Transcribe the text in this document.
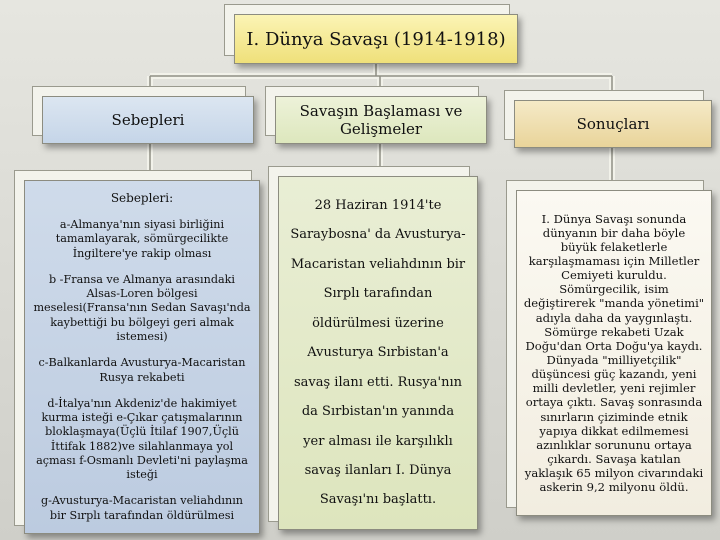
I. Dünya Savaşı (1914-1918)
Sebepleri	Savaşın Başlaması ve Gelişmeler	Sonuçları

Sebepleri:

a-Almanya'nın siyasi birliğini tamamlayarak, sömürgecilikte İngiltere'ye rakip olması

b -Fransa ve Almanya arasındaki Alsas-Loren bölgesi meselesi(Fransa'nın Sedan Savaşı'nda kaybettiği bu bölgeyi geri almak istemesi)

c-Balkanlarda Avusturya-Macaristan Rusya rekabeti

d-İtalya'nın Akdeniz'de hakimiyet kurma isteği e-Çıkar çatışmalarının bloklaşmaya(Üçlü İtilaf 1907,Üçlü İttifak 1882)ve silahlanmaya yol açması f-Osmanlı Devleti'ni paylaşma isteği

g-Avusturya-Macaristan veliahdının bir Sırplı tarafından öldürülmesi

28 Haziran 1914'te

Saraybosna' da Avusturya-

Macaristan veliahdının bir

Sırplı tarafından

öldürülmesi üzerine

Avusturya Sırbistan'a

savaş ilanı etti. Rusya'nın

da Sırbistan'ın yanında

yer alması ile karşılıklı

savaş ilanları I. Dünya

Savaşı'nı başlattı.

I. Dünya Savaşı sonunda dünyanın bir daha böyle büyük felaketlerle karşılaşmaması için Milletler Cemiyeti kuruldu. Sömürgecilik, isim değiştirerek "manda yönetimi" adıyla daha da yaygınlaştı. Sömürge rekabeti Uzak Doğu'dan Orta Doğu'ya kaydı. Dünyada "milliyetçilik" düşüncesi güç kazandı, yeni milli devletler, yeni rejimler ortaya çıktı. Savaş sonrasında sınırların çiziminde etnik yapıya dikkat edilmemesi azınlıklar sorununu ortaya çıkardı. Savaşa katılan yaklaşık 65 milyon civarındaki askerin 9,2 milyonu öldü.
